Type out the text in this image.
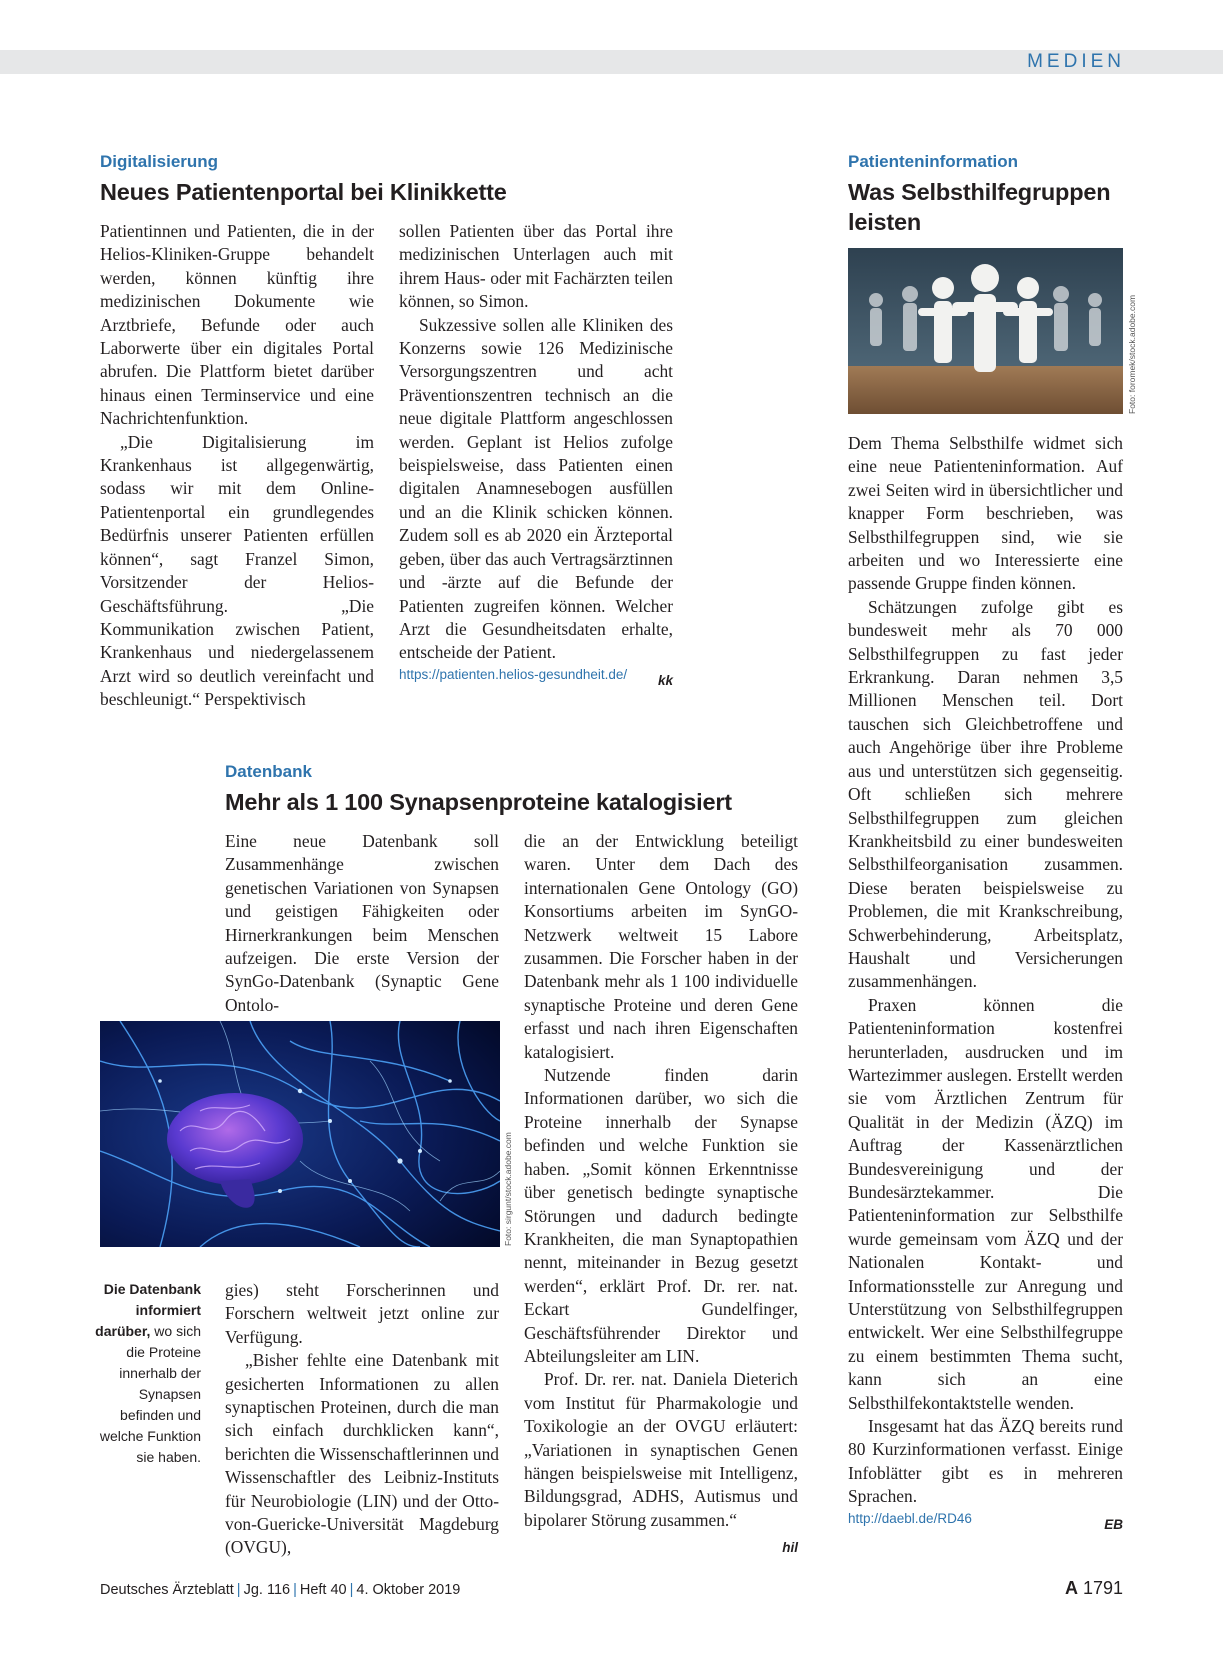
MEDIEN
Digitalisierung
Neues Patientenportal bei Klinikkette

Patientinnen und Patienten, die in der Helios-Kliniken-Gruppe behandelt werden, können künftig ihre medizinischen Dokumente wie Arztbriefe, Befunde oder auch Laborwerte über ein digitales Portal abrufen. Die Plattform bietet darüber hinaus einen Terminservice und eine Nachrichtenfunktion.

„Die Digitalisierung im Krankenhaus ist allgegenwärtig, sodass wir mit dem Online-Patientenportal ein grundlegendes Bedürfnis unserer Patienten erfüllen können“, sagt Franzel Simon, Vorsitzender der Helios-Geschäftsführung. „Die Kommunikation zwischen Patient, Krankenhaus und niedergelassenem Arzt wird so deutlich vereinfacht und beschleunigt.“ Perspektivisch

sollen Patienten über das Portal ihre medizinischen Unterlagen auch mit ihrem Haus- oder mit Fachärzten teilen können, so Simon.

Sukzessive sollen alle Kliniken des Konzerns sowie 126 Medizinische Versorgungszentren und acht Präventionszentren technisch an die neue digitale Plattform angeschlossen werden. Geplant ist Helios zufolge beispielsweise, dass Patienten einen digitalen Anamnesebogen ausfüllen und an die Klinik schicken können. Zudem soll es ab 2020 ein Ärzteportal geben, über das auch Vertragsärztinnen und -ärzte auf die Befunde der Patienten zugreifen können. Welcher Arzt die Gesundheitsdaten erhalte, entscheide der Patient.

kk
https://patienten.helios-gesundheit.de/
Datenbank
Mehr als 1 100 Synapsenproteine katalogisiert

Eine neue Datenbank soll Zusammenhänge zwischen genetischen Variationen von Synapsen und geistigen Fähigkeiten oder Hirnerkrankungen beim Menschen aufzeigen. Die erste Version der SynGo-Datenbank (Synaptic Gene Ontolo-

Foto: sirgunt/stock.adobe.com
Die Datenbank informiert darüber, wo sich die Proteine innerhalb der Synapsen befinden und welche Funktion sie haben.

gies) steht Forscherinnen und Forschern weltweit jetzt online zur Verfügung.

„Bisher fehlte eine Datenbank mit gesicherten Informationen zu allen synaptischen Proteinen, durch die man sich einfach durchklicken kann“, berichten die Wissenschaftlerinnen und Wissenschaftler des Leibniz-Instituts für Neurobiologie (LIN) und der Otto-von-Guericke-Universität Magdeburg (OVGU),

die an der Entwicklung beteiligt waren. Unter dem Dach des internationalen Gene Ontology (GO) Konsortiums arbeiten im SynGO-Netzwerk weltweit 15 Labore zusammen. Die Forscher haben in der Datenbank mehr als 1 100 individuelle synaptische Proteine und deren Gene erfasst und nach ihren Eigenschaften katalogisiert.

Nutzende finden darin Informationen darüber, wo sich die Proteine innerhalb der Synapse befinden und welche Funktion sie haben. „Somit können Erkenntnisse über genetisch bedingte synaptische Störungen und dadurch bedingte Krankheiten, die man Synaptopathien nennt, miteinander in Bezug gesetzt werden“, erklärt Prof. Dr. rer. nat. Eckart Gundelfinger, Geschäftsführender Direktor und Abteilungsleiter am LIN.

Prof. Dr. rer. nat. Daniela Dieterich vom Institut für Pharmakologie und Toxikologie an der OVGU erläutert: „Variationen in synaptischen Genen hängen beispielsweise mit Intelligenz, Bildungsgrad, ADHS, Autismus und bipolarer Störung zusammen.“

hil
Patienteninformation
Was Selbsthilfegruppen
leisten
Foto: foromek/stock.adobe.com

Dem Thema Selbsthilfe widmet sich eine neue Patienteninformation. Auf zwei Seiten wird in übersichtlicher und knapper Form beschrieben, was Selbsthilfegruppen sind, wie sie arbeiten und wo Interessierte eine passende Gruppe finden können.

Schätzungen zufolge gibt es bundesweit mehr als 70 000 Selbsthilfegruppen zu fast jeder Erkrankung. Daran nehmen 3,5 Millionen Menschen teil. Dort tauschen sich Gleichbetroffene und auch Angehörige über ihre Probleme aus und unterstützen sich gegenseitig. Oft schließen sich mehrere Selbsthilfegruppen zum gleichen Krankheitsbild zu einer bundesweiten Selbsthilfeorganisation zusammen. Diese beraten beispielsweise zu Problemen, die mit Krankschreibung, Schwerbehinderung, Arbeitsplatz, Haushalt und Versicherungen zusammenhängen.

Praxen können die Patienteninformation kostenfrei herunterladen, ausdrucken und im Wartezimmer auslegen. Erstellt werden sie vom Ärztlichen Zentrum für Qualität in der Medizin (ÄZQ) im Auftrag der Kassenärztlichen Bundesvereinigung und der Bundesärztekammer. Die Patienteninformation zur Selbsthilfe wurde gemeinsam vom ÄZQ und der Nationalen Kontakt- und Informationsstelle zur Anregung und Unterstützung von Selbsthilfegruppen entwickelt. Wer eine Selbsthilfegruppe zu einem bestimmten Thema sucht, kann sich an eine Selbsthilfekontaktstelle wenden.

Insgesamt hat das ÄZQ bereits rund 80 Kurzinformationen verfasst. Einige Infoblätter gibt es in mehreren Sprachen.

EB
http://daebl.de/RD46
Deutsches Ärzteblatt | Jg. 116 | Heft 40 | 4. Oktober 2019	A 1791
